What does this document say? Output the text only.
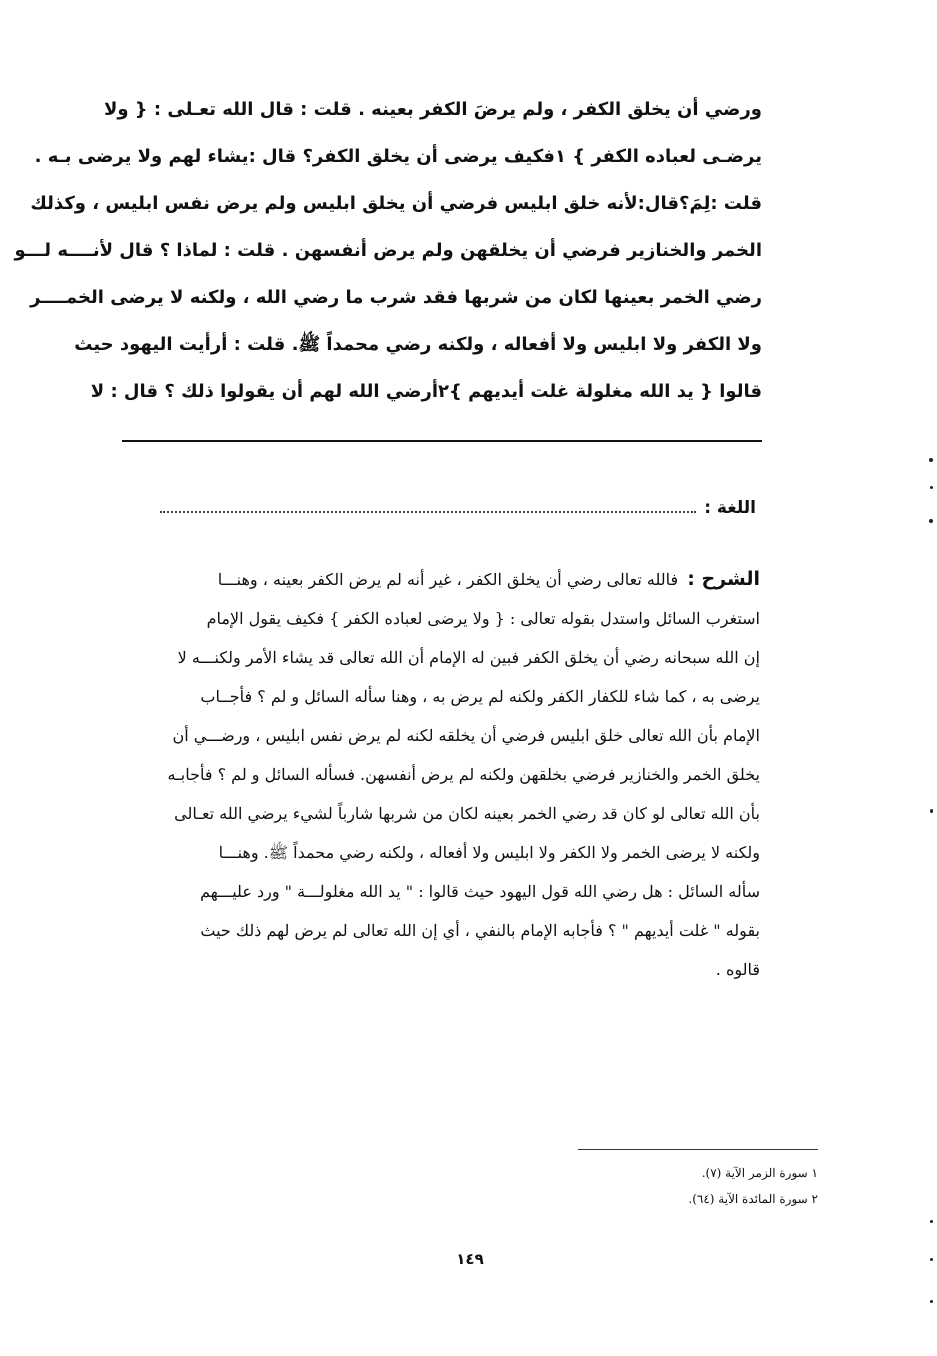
ورضي أن يخلق الكفر ، ولم يرضَ الكفر بعينه . قلت : قال الله تعـلى : { ولا
يرضـى لعباده الكفر } ١فكيف يرضى أن يخلق الكفر؟ قال :يشاء لهم ولا يرضى بـه .
قلت :لِمَ؟قال:لأنه خلق ابليس فرضي أن يخلق ابليس ولم يرض نفس ابليس ، وكذلك
الخمر والخنازير فرضي أن يخلقهن ولم يرض أنفسهن . قلت : لماذا ؟ قال لأنــــه لـــو
رضي الخمر بعينها لكان من شربها فقد شرب ما رضي الله ، ولكنه لا يرضى الخمــــر
ولا الكفر ولا ابليس ولا أفعاله ، ولكنه رضي محمداً ﷺ. قلت : أرأيت اليهود حيث
قالوا { يد الله مغلولة غلت أيديهم }٢أرضي الله لهم أن يقولوا ذلك ؟ قال : لا
اللغة :
الشرح : فالله تعالى رضي أن يخلق الكفر ، غير أنه لم يرض الكفر بعينه ، وهنـــا
استغرب السائل واستدل بقوله تعالى : { ولا يرضى لعباده الكفر } فكيف يقول الإمام
إن الله سبحانه رضي أن يخلق الكفر فبين له الإمام أن الله تعالى قد يشاء الأمر ولكنـــه لا
يرضى به ، كما شاء للكفار الكفر ولكنه لم يرض به ، وهنا سأله السائل و لم ؟ فأجــاب
الإمام بأن الله تعالى خلق ابليس فرضي أن يخلقه لكنه لم يرض نفس ابليس ، ورضـــي أن
يخلق الخمر والخنازير فرضي بخلقهن ولكنه لم يرض أنفسهن. فسأله السائل و لم ؟ فأجابـه
بأن الله تعالى لو كان قد رضي الخمر بعينه لكان من شربها شارباً لشيء يرضي الله تعـالى
ولكنه لا يرضى الخمر ولا الكفر ولا ابليس ولا أفعاله ، ولكنه رضي محمداً ﷺ. وهنـــا
سأله السائل : هل رضي الله قول اليهود حيث قالوا : " يد الله مغلولـــة " ورد عليـــهم
بقوله " غلت أيديهم " ؟ فأجابه الإمام بالنفي ، أي إن الله تعالى لم يرض لهم ذلك حيث
قالوه .
١ سورة الزمر الآية (٧).
٢ سورة المائدة الآية (٦٤).
١٤٩
